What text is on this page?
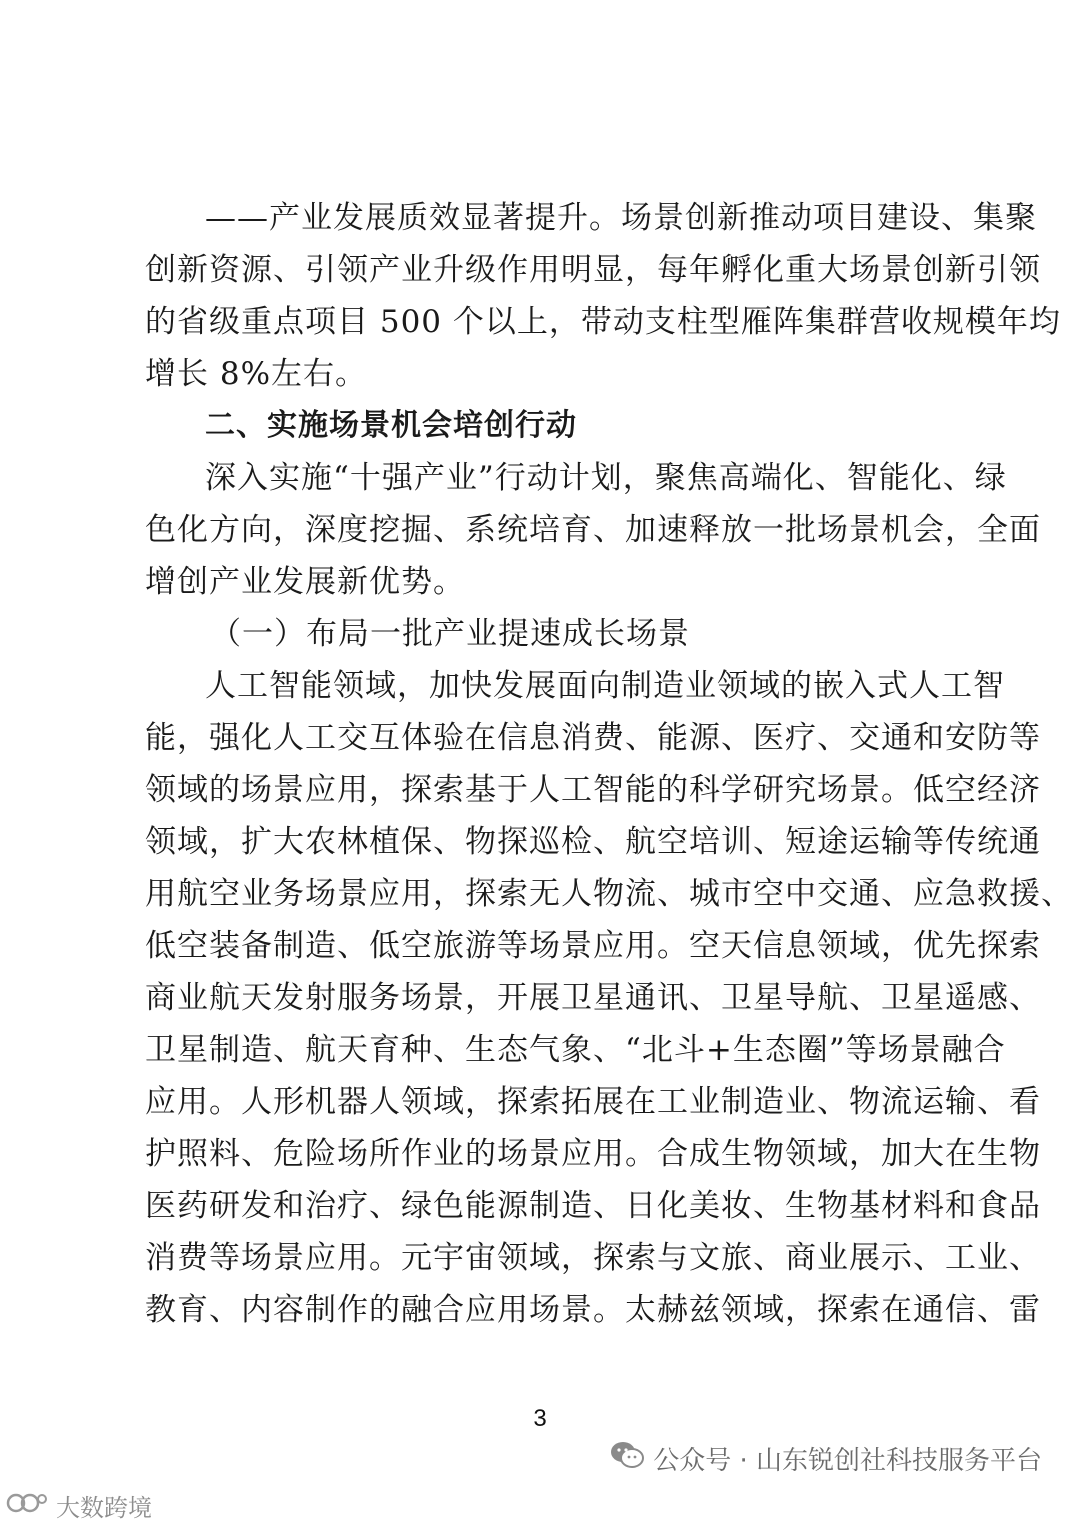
——产业发展质效显著提升。场景创新推动项目建设、集聚
创新资源、引领产业升级作用明显，每年孵化重大场景创新引领
的省级重点项目 500 个以上，带动支柱型雁阵集群营收规模年均
增长 8%左右。
二、实施场景机会培创行动
深入实施“十强产业”行动计划，聚焦高端化、智能化、绿
色化方向，深度挖掘、系统培育、加速释放一批场景机会，全面
增创产业发展新优势。
（一）布局一批产业提速成长场景
人工智能领域，加快发展面向制造业领域的嵌入式人工智
能，强化人工交互体验在信息消费、能源、医疗、交通和安防等
领域的场景应用，探索基于人工智能的科学研究场景。低空经济
领域，扩大农林植保、物探巡检、航空培训、短途运输等传统通
用航空业务场景应用，探索无人物流、城市空中交通、应急救援、
低空装备制造、低空旅游等场景应用。空天信息领域，优先探索
商业航天发射服务场景，开展卫星通讯、卫星导航、卫星遥感、
卫星制造、航天育种、生态气象、“北斗+生态圈”等场景融合
应用。人形机器人领域，探索拓展在工业制造业、物流运输、看
护照料、危险场所作业的场景应用。合成生物领域，加大在生物
医药研发和治疗、绿色能源制造、日化美妆、生物基材料和食品
消费等场景应用。元宇宙领域，探索与文旅、商业展示、工业、
教育、内容制作的融合应用场景。太赫兹领域，探索在通信、雷
3
公众号 · 山东锐创社科技服务平台
大数跨境
